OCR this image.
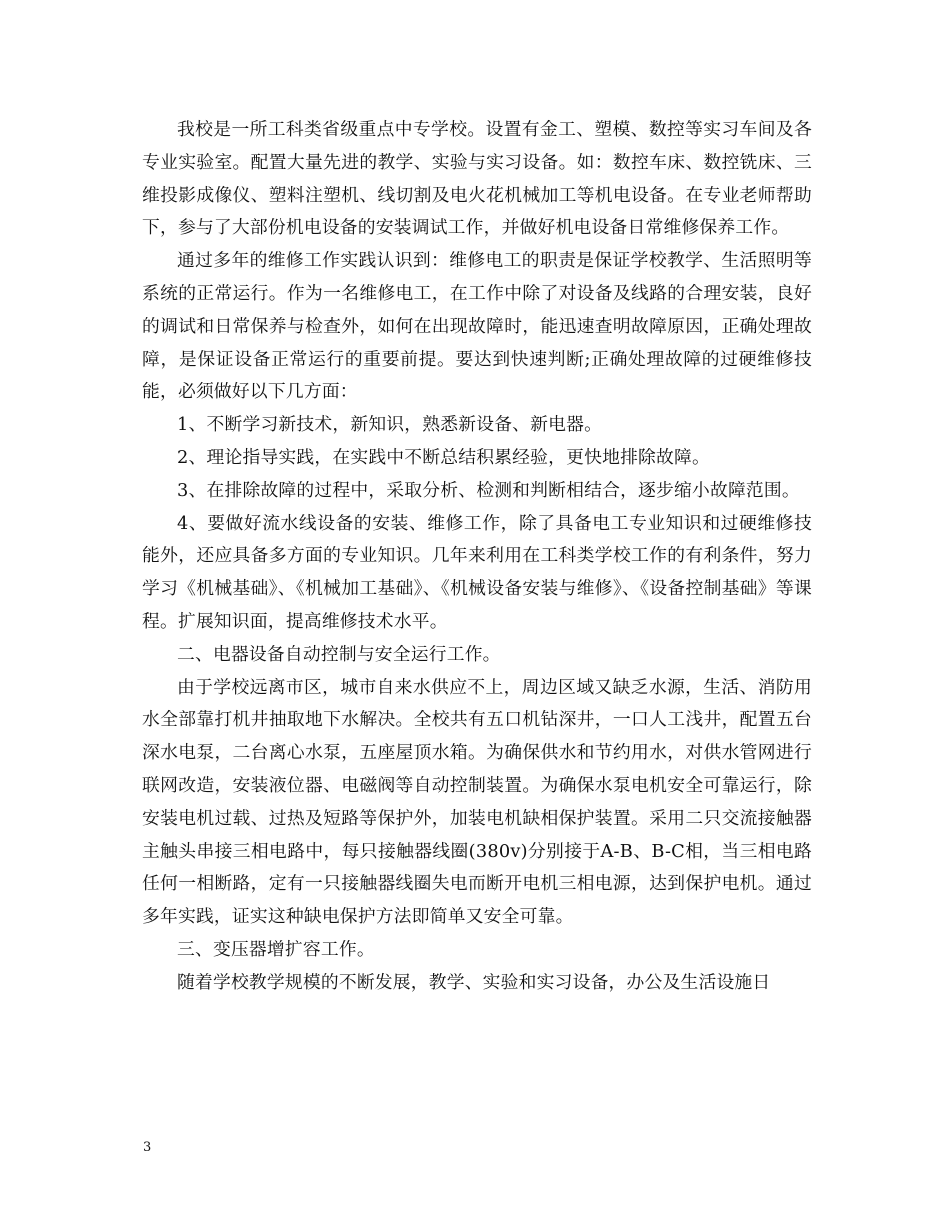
我校是一所工科类省级重点中专学校。设置有金工、塑模、数控等实习车间及各专业实验室。配置大量先进的教学、实验与实习设备。如：数控车床、数控铣床、三维投影成像仪、塑料注塑机、线切割及电火花机械加工等机电设备。在专业老师帮助下，参与了大部份机电设备的安装调试工作，并做好机电设备日常维修保养工作。

通过多年的维修工作实践认识到：维修电工的职责是保证学校教学、生活照明等系统的正常运行。作为一名维修电工，在工作中除了对设备及线路的合理安装，良好的调试和日常保养与检查外，如何在出现故障时，能迅速查明故障原因，正确处理故障，是保证设备正常运行的重要前提。要达到快速判断;正确处理故障的过硬维修技能，必须做好以下几方面：

1、不断学习新技术，新知识，熟悉新设备、新电器。

2、理论指导实践，在实践中不断总结积累经验，更快地排除故障。

3、在排除故障的过程中，采取分析、检测和判断相结合，逐步缩小故障范围。

4、要做好流水线设备的安装、维修工作，除了具备电工专业知识和过硬维修技能外，还应具备多方面的专业知识。几年来利用在工科类学校工作的有利条件，努力学习《机械基础》、《机械加工基础》、《机械设备安装与维修》、《设备控制基础》等课程。扩展知识面，提高维修技术水平。

二、电器设备自动控制与安全运行工作。

由于学校远离市区，城市自来水供应不上，周边区域又缺乏水源，生活、消防用水全部靠打机井抽取地下水解决。全校共有五口机钻深井，一口人工浅井，配置五台深水电泵，二台离心水泵，五座屋顶水箱。为确保供水和节约用水，对供水管网进行联网改造，安装液位器、电磁阀等自动控制装置。为确保水泵电机安全可靠运行，除安装电机过载、过热及短路等保护外，加装电机缺相保护装置。采用二只交流接触器主触头串接三相电路中，每只接触器线圈(380v)分别接于A-B、B-C相，当三相电路任何一相断路，定有一只接触器线圈失电而断开电机三相电源，达到保护电机。通过多年实践，证实这种缺电保护方法即简单又安全可靠。

三、变压器增扩容工作。

随着学校教学规模的不断发展，教学、实验和实习设备，办公及生活设施日

3
